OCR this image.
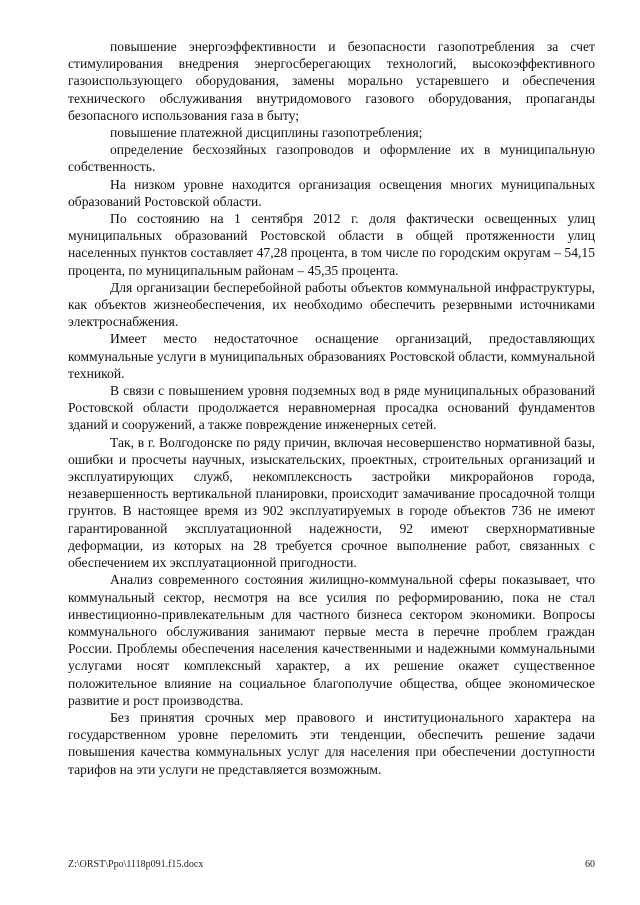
повышение энергоэффективности и безопасности газопотребления за счет стимулирования внедрения энергосберегающих технологий, высокоэффективного газоиспользующего оборудования, замены морально устаревшего и обеспечения технического обслуживания внутридомового газового оборудования, пропаганды безопасного использования газа в быту;

повышение платежной дисциплины газопотребления;

определение бесхозяйных газопроводов и оформление их в муниципальную собственность.

На низком уровне находится организация освещения многих муниципальных образований Ростовской области.

По состоянию на 1 сентября 2012 г. доля фактически освещенных улиц муниципальных образований Ростовской области в общей протяженности улиц населенных пунктов составляет 47,28 процента, в том числе по городским округам – 54,15 процента, по муниципальным районам – 45,35 процента.

Для организации бесперебойной работы объектов коммунальной инфраструктуры, как объектов жизнеобеспечения, их необходимо обеспечить резервными источниками электроснабжения.

Имеет место недостаточное оснащение организаций, предоставляющих коммунальные услуги в муниципальных образованиях Ростовской области, коммунальной техникой.

В связи с повышением уровня подземных вод в ряде муниципальных образований Ростовской области продолжается неравномерная просадка оснований фундаментов зданий и сооружений, а также повреждение инженерных сетей.

Так, в г. Волгодонске по ряду причин, включая несовершенство нормативной базы, ошибки и просчеты научных, изыскательских, проектных, строительных организаций и эксплуатирующих служб, некомплексность застройки микрорайонов города, незавершенность вертикальной планировки, происходит замачивание просадочной толщи грунтов. В настоящее время из 902 эксплуатируемых в городе объектов 736 не имеют гарантированной эксплуатационной надежности, 92 имеют сверхнормативные деформации, из которых на 28 требуется срочное выполнение работ, связанных с обеспечением их эксплуатационной пригодности.

Анализ современного состояния жилищно-коммунальной сферы показывает, что коммунальный сектор, несмотря на все усилия по реформированию, пока не стал инвестиционно-привлекательным для частного бизнеса сектором экономики. Вопросы коммунального обслуживания занимают первые места в перечне проблем граждан России. Проблемы обеспечения населения качественными и надежными коммунальными услугами носят комплексный характер, а их решение окажет существенное положительное влияние на социальное благополучие общества, общее экономическое развитие и рост производства.

Без принятия срочных мер правового и институционального характера на государственном уровне переломить эти тенденции, обеспечить решение задачи повышения качества коммунальных услуг для населения при обеспечении доступности тарифов на эти услуги не представляется возможным.

Z:\ORST\Ppo\1118p091.f15.docx	60
